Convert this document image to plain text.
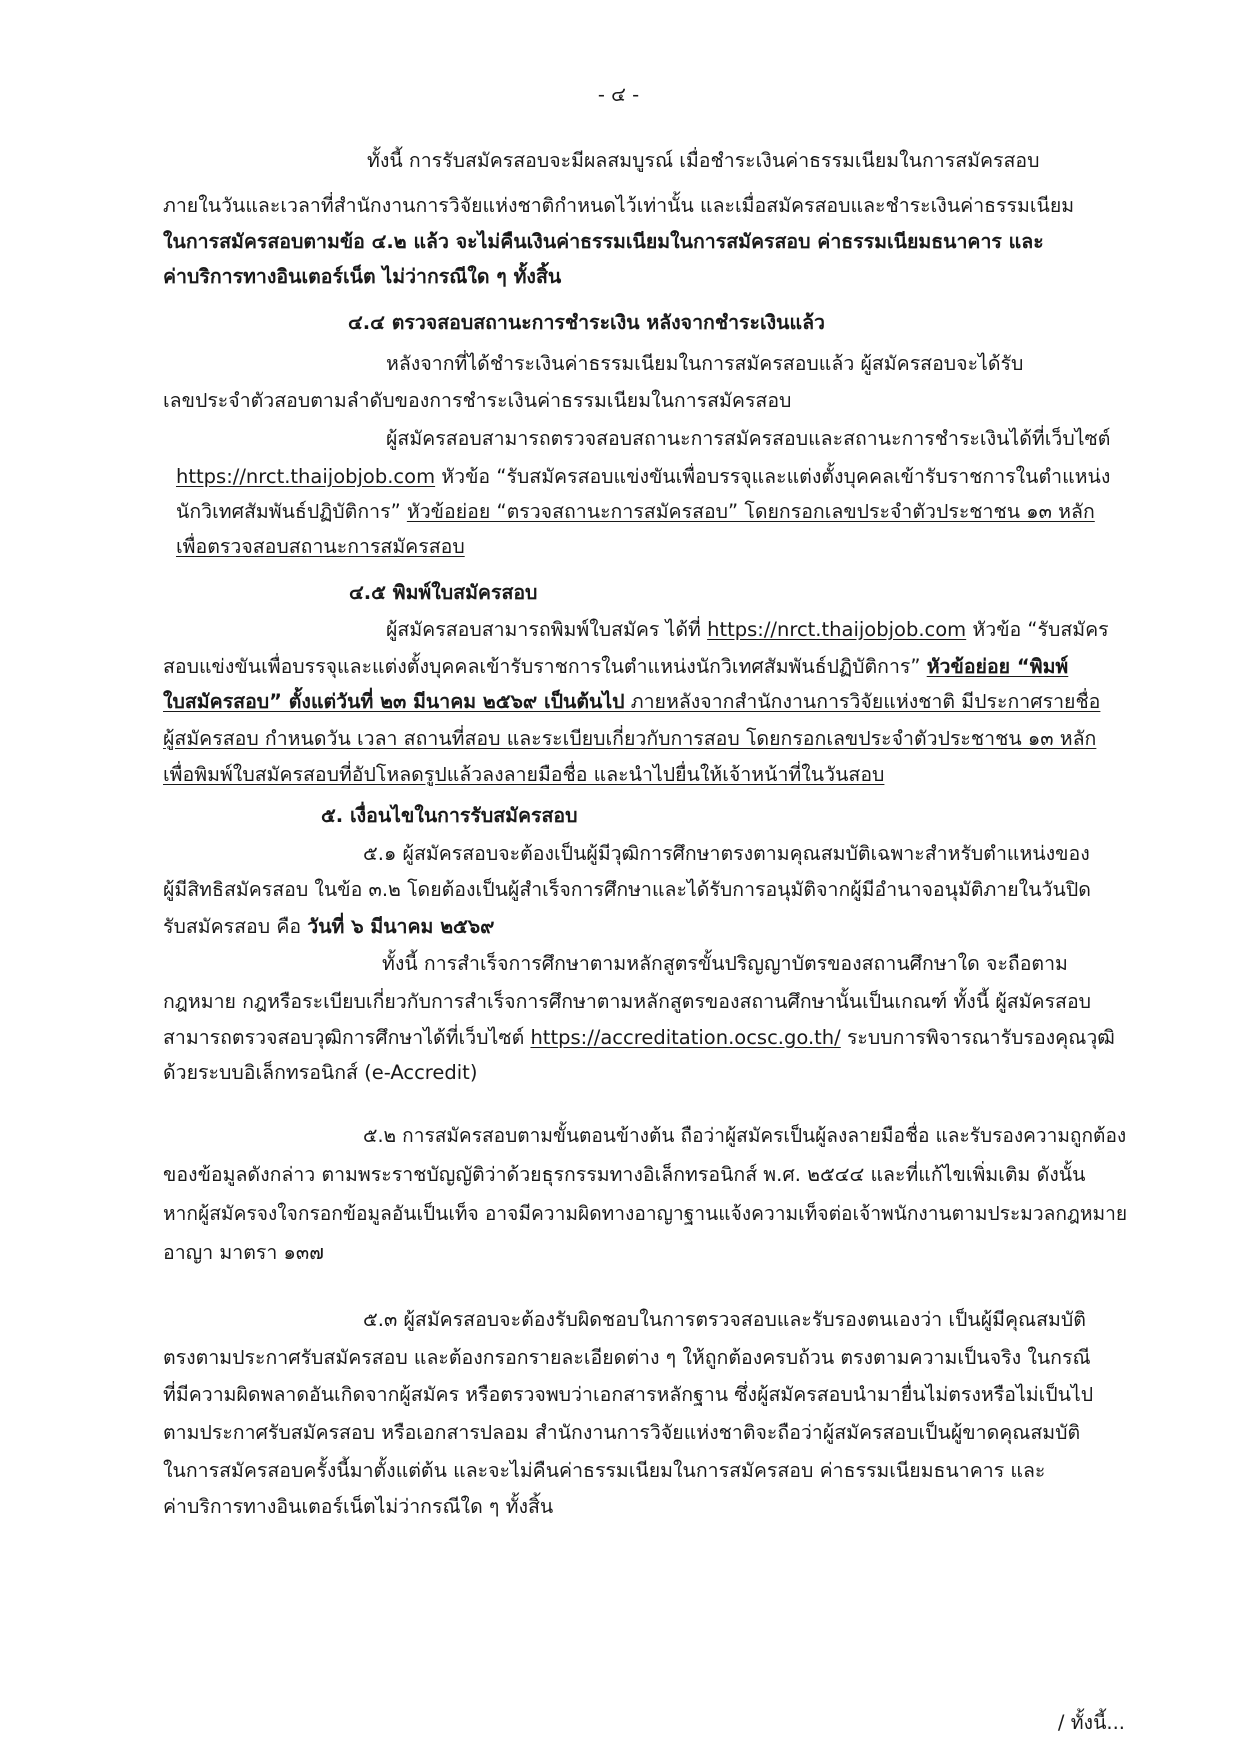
- ๔ -
ทั้งนี้ การรับสมัครสอบจะมีผลสมบูรณ์ เมื่อชำระเงินค่าธรรมเนียมในการสมัครสอบ
ภายในวันและเวลาที่สำนักงานการวิจัยแห่งชาติกำหนดไว้เท่านั้น และเมื่อสมัครสอบและชำระเงินค่าธรรมเนียม
ในการสมัครสอบตามข้อ ๔.๒ แล้ว จะไม่คืนเงินค่าธรรมเนียมในการสมัครสอบ ค่าธรรมเนียมธนาคาร และ
ค่าบริการทางอินเตอร์เน็ต ไม่ว่ากรณีใด ๆ ทั้งสิ้น
๔.๔ ตรวจสอบสถานะการชำระเงิน หลังจากชำระเงินแล้ว
หลังจากที่ได้ชำระเงินค่าธรรมเนียมในการสมัครสอบแล้ว ผู้สมัครสอบจะได้รับ
เลขประจำตัวสอบตามลำดับของการชำระเงินค่าธรรมเนียมในการสมัครสอบ
ผู้สมัครสอบสามารถตรวจสอบสถานะการสมัครสอบและสถานะการชำระเงินได้ที่เว็บไซต์
https://nrct.thaijobjob.com หัวข้อ “รับสมัครสอบแข่งขันเพื่อบรรจุและแต่งตั้งบุคคลเข้ารับราชการในตำแหน่ง
นักวิเทศสัมพันธ์ปฏิบัติการ” หัวข้อย่อย “ตรวจสถานะการสมัครสอบ” โดยกรอกเลขประจำตัวประชาชน ๑๓ หลัก
เพื่อตรวจสอบสถานะการสมัครสอบ
๔.๕ พิมพ์ใบสมัครสอบ
ผู้สมัครสอบสามารถพิมพ์ใบสมัคร ได้ที่ https://nrct.thaijobjob.com หัวข้อ “รับสมัคร
สอบแข่งขันเพื่อบรรจุและแต่งตั้งบุคคลเข้ารับราชการในตำแหน่งนักวิเทศสัมพันธ์ปฏิบัติการ” หัวข้อย่อย “พิมพ์
ใบสมัครสอบ” ตั้งแต่วันที่ ๒๓ มีนาคม ๒๕๖๙ เป็นต้นไป ภายหลังจากสำนักงานการวิจัยแห่งชาติ มีประกาศรายชื่อ
ผู้สมัครสอบ กำหนดวัน เวลา สถานที่สอบ และระเบียบเกี่ยวกับการสอบ โดยกรอกเลขประจำตัวประชาชน ๑๓ หลัก
เพื่อพิมพ์ใบสมัครสอบที่อัปโหลดรูปแล้วลงลายมือชื่อ และนำไปยื่นให้เจ้าหน้าที่ในวันสอบ
๕. เงื่อนไขในการรับสมัครสอบ
๕.๑ ผู้สมัครสอบจะต้องเป็นผู้มีวุฒิการศึกษาตรงตามคุณสมบัติเฉพาะสำหรับตำแหน่งของ
ผู้มีสิทธิสมัครสอบ ในข้อ ๓.๒ โดยต้องเป็นผู้สำเร็จการศึกษาและได้รับการอนุมัติจากผู้มีอำนาจอนุมัติภายในวันปิด
รับสมัครสอบ คือ วันที่ ๖ มีนาคม ๒๕๖๙
ทั้งนี้ การสำเร็จการศึกษาตามหลักสูตรขั้นปริญญาบัตรของสถานศึกษาใด จะถือตาม
กฎหมาย กฎหรือระเบียบเกี่ยวกับการสำเร็จการศึกษาตามหลักสูตรของสถานศึกษานั้นเป็นเกณฑ์ ทั้งนี้ ผู้สมัครสอบ
สามารถตรวจสอบวุฒิการศึกษาได้ที่เว็บไซต์ https://accreditation.ocsc.go.th/ ระบบการพิจารณารับรองคุณวุฒิ
ด้วยระบบอิเล็กทรอนิกส์ (e-Accredit)
๕.๒ การสมัครสอบตามขั้นตอนข้างต้น ถือว่าผู้สมัครเป็นผู้ลงลายมือชื่อ และรับรองความถูกต้อง
ของข้อมูลดังกล่าว ตามพระราชบัญญัติว่าด้วยธุรกรรมทางอิเล็กทรอนิกส์ พ.ศ. ๒๕๔๔ และที่แก้ไขเพิ่มเติม ดังนั้น
หากผู้สมัครจงใจกรอกข้อมูลอันเป็นเท็จ อาจมีความผิดทางอาญาฐานแจ้งความเท็จต่อเจ้าพนักงานตามประมวลกฎหมาย
อาญา มาตรา ๑๓๗
๕.๓ ผู้สมัครสอบจะต้องรับผิดชอบในการตรวจสอบและรับรองตนเองว่า เป็นผู้มีคุณสมบัติ
ตรงตามประกาศรับสมัครสอบ และต้องกรอกรายละเอียดต่าง ๆ ให้ถูกต้องครบถ้วน ตรงตามความเป็นจริง ในกรณี
ที่มีความผิดพลาดอันเกิดจากผู้สมัคร หรือตรวจพบว่าเอกสารหลักฐาน ซึ่งผู้สมัครสอบนำมายื่นไม่ตรงหรือไม่เป็นไป
ตามประกาศรับสมัครสอบ หรือเอกสารปลอม สำนักงานการวิจัยแห่งชาติจะถือว่าผู้สมัครสอบเป็นผู้ขาดคุณสมบัติ
ในการสมัครสอบครั้งนี้มาตั้งแต่ต้น และจะไม่คืนค่าธรรมเนียมในการสมัครสอบ ค่าธรรมเนียมธนาคาร และ
ค่าบริการทางอินเตอร์เน็ตไม่ว่ากรณีใด ๆ ทั้งสิ้น
/ ทั้งนี้...
